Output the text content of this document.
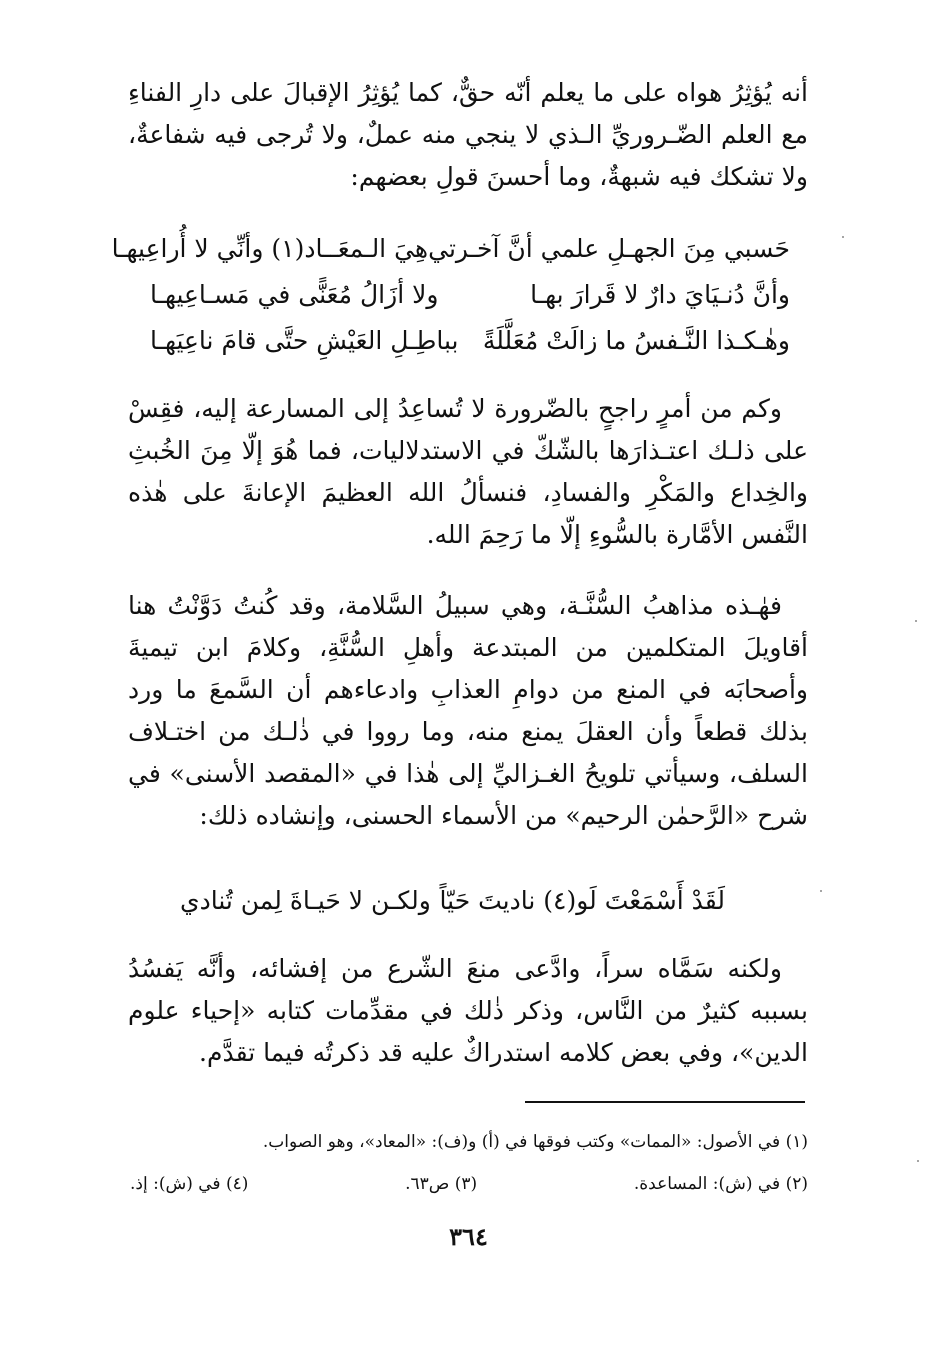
أنه يُؤثِرُ هواه على ما يعلم أنّه حقٌّ، كما يُؤثِرُ الإقبالَ على دارِ الفناءِ مع العلم الضّـروريِّ الـذي لا ينجي منه عملٌ، ولا تُرجى فيه شفاعةٌ، ولا تشكك فيه شبهةٌ، وما أحسنَ قولِ بعضهم:

حَسبي مِنَ الجهـلِ علمي أنَّ آخـرتي
هِيَ الـمعَــاد(١) وأنِّي لا أُراعِيهـا
وأنَّ دُنـيَايَ دارٌ لا قَرارَ بهـا
ولا أزَالُ مُعَنًّى في مَسـاعِيهـا
وهٰـكـذا النَّـفسُ ما زالَتْ مُعَلَّلَةً
بباطِـلِ العَيْشِ حتَّى قامَ ناعِيَهـا

وكم من أمرٍ راجحٍ بالضّرورة لا تُساعِدُ إلى المسارعة إليه، فقِسْ على ذلـك اعتـذارَها بالشّكّ في الاستدلاليات، فما هُوَ إلّا مِنَ الخُبثِ والخِداع والمَكْرِ والفسادِ، فنسألُ الله العظيمَ الإعانةَ على هٰذه النَّفس الأمَّارة بالسُّوءِ إلّا ما رَحِمَ الله.

فهٰـذه مذاهبُ السُّنَّـة، وهي سبيلُ السَّلامة، وقد كُنتُ دَوَّنْتُ هنا أقاويلَ المتكلمين من المبتدعة وأهلِ السُّنَّةِ، وكلامَ ابن تيميةَ وأصحابَه في المنع من دوامِ العذابِ وادعاءهم أن السَّمعَ ما ورد بذلك قطعاً وأن العقلَ يمنع منه، وما رووا في ذٰلـك من اختـلاف السلف، وسيأتي تلويحُ الغـزاليِّ إلى هٰذا في «المقصد الأسنى» في شرح «الرَّحمٰن الرحيم» من الأسماء الحسنى، وإنشاده ذلك:

لَقَدْ أَسْمَعْتَ لَو(٤) ناديتَ حَيّاً
ولكـن لا حَيـاةَ لِمن تُنادي

ولكنه سَمَّاه سراً، وادَّعى منعَ الشّرع من إفشائه، وأنَّه يَفسُدُ بسببه كثيرٌ من النَّاس، وذكر ذٰلك في مقدِّمات كتابه «إحياء علوم الدين»، وفي بعض كلامه استدراكٌ عليه قد ذكرتُه فيما تقدَّم.

(١) في الأصول: «الممات» وكتب فوقها في (أ) و(ف): «المعاد»، وهو الصواب.
(٢) في (ش): المساعدة.
(٣) ص٦٣.
(٤) في (ش): إذ.
٣٦٤
